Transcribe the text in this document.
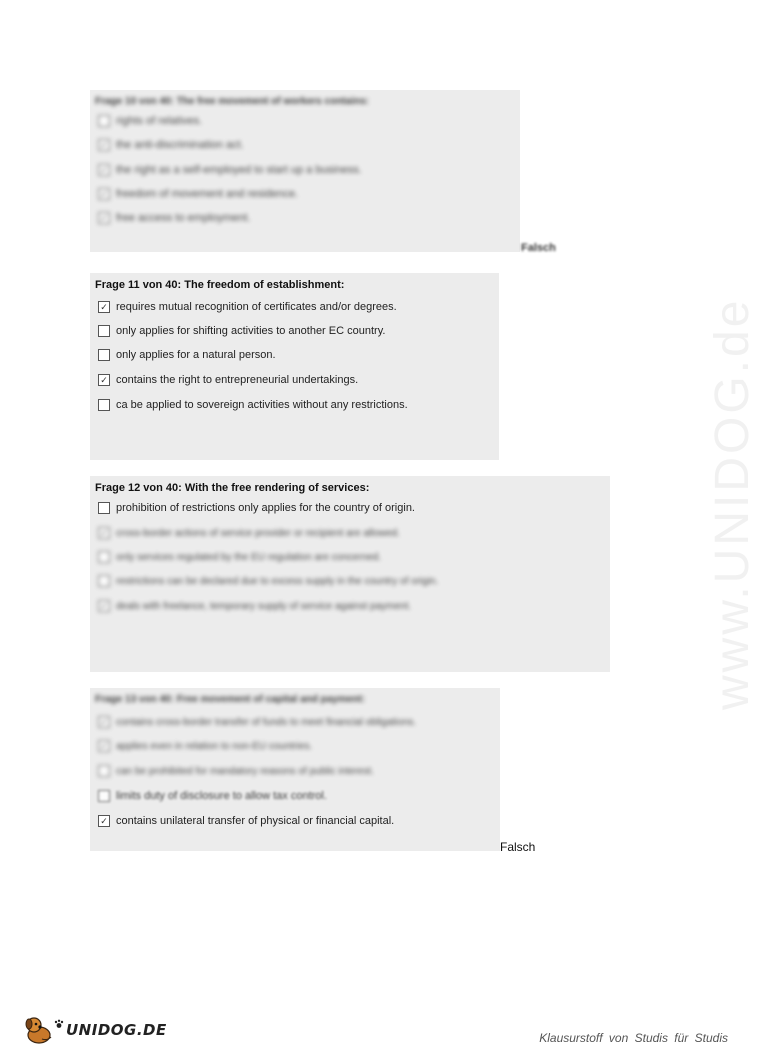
www.UNIDOG.de
Frage 10 von 40: The free movement of workers contains:
rights of relatives.
✓ the anti-discrimination act.
✓ the right as a self-employed to start up a business.
✓ freedom of movement and residence.
✓ free access to employment.
Falsch
Frage 11 von 40: The freedom of establishment:
✓ requires mutual recognition of certificates and/or degrees.
only applies for shifting activities to another EC country.
only applies for a natural person.
✓ contains the right to entrepreneurial undertakings.
ca be applied to sovereign activities without any restrictions.
Frage 12 von 40: With the free rendering of services:
prohibition of restrictions only applies for the country of origin.
✓ cross-border actions of service provider or recipient are allowed.
only services regulated by the EU regulation are concerned.
restrictions can be declared due to excess supply in the country of origin.
✓ deals with freelance, temporary supply of service against payment.
Frage 13 von 40: Free movement of capital and payment:
✓ contains cross-border transfer of funds to meet financial obligations.
✓ applies even in relation to non-EU countries.
can be prohibited for mandatory reasons of public interest.
limits duty of disclosure to allow tax control.
✓ contains unilateral transfer of physical or financial capital.
Falsch
UNIDOG.DE	Klausurstoff von Studis für Studis
